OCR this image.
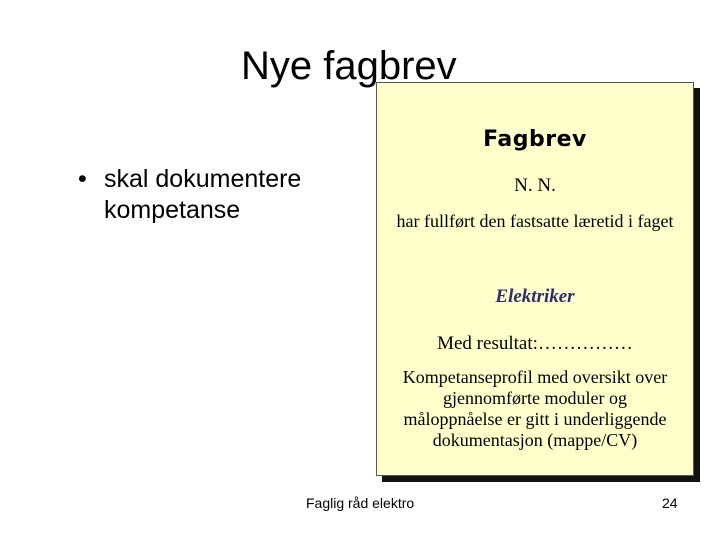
• skal dokumentere kompetanse
Fagbrev
N. N.
har fullført den fastsatte læretid i faget
Elektriker
Med resultat:……………
Kompetanseprofil med oversikt over gjennomførte moduler og måloppnåelse er gitt i underliggende dokumentasjon (mappe/CV)
Nye fagbrev
Faglig råd elektro	24
